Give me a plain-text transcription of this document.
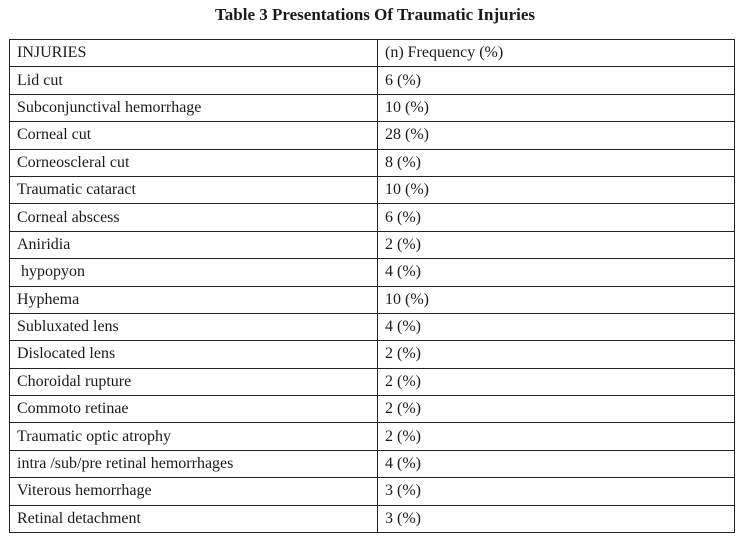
Table 3 Presentations Of Traumatic Injuries
INJURIES	(n) Frequency (%)
Lid cut	6 (%)
Subconjunctival hemorrhage	10 (%)
Corneal cut	28 (%)
Corneoscleral cut	8 (%)
Traumatic cataract	10 (%)
Corneal abscess	6 (%)
Aniridia	2 (%)
hypopyon	4 (%)
Hyphema	10 (%)
Subluxated lens	4 (%)
Dislocated lens	2 (%)
Choroidal rupture	2 (%)
Commoto retinae	2 (%)
Traumatic optic atrophy	2 (%)
intra /sub/pre retinal hemorrhages	4 (%)
Viterous hemorrhage	3 (%)
Retinal detachment	3 (%)
